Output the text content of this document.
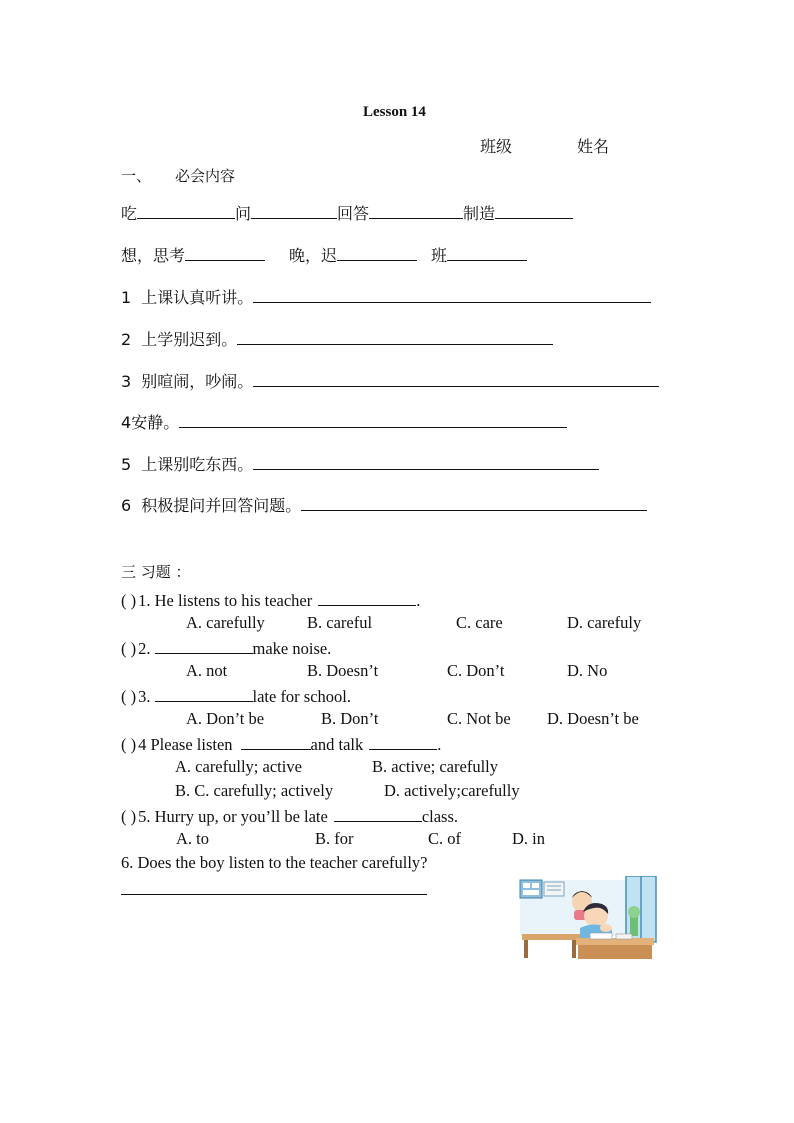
Lesson 14
班级	姓名
一、 必会内容
吃	问	回答	制造
想，思考	晚，迟	班
1 上课认真听讲。
2 上学别迟到。
3 别喧闹，吵闹。
4 安静。
5 上课别吃东西。
6 积极提问并回答问题。
三 习题 ：
( ) 1. He listens to his teacher	.
A. carefully	B. careful	C. care	D. carefuly
( ) 2.	make noise.
A. not	B. Doesn’t	C. Don’t	D. No
( ) 3.	late for school.
A. Don’t be	B. Don’t	C. Not be D. Doesn’t be
( ) 4 Please listen	and talk	.
A. carefully; active	B. active; carefully
B. C. carefully; actively	D. actively;carefully
( ) 5. Hurry up, or you’ll be late	class.
A. to	B. for	C. of	D. in
6. Does the boy listen to the teacher carefully?
